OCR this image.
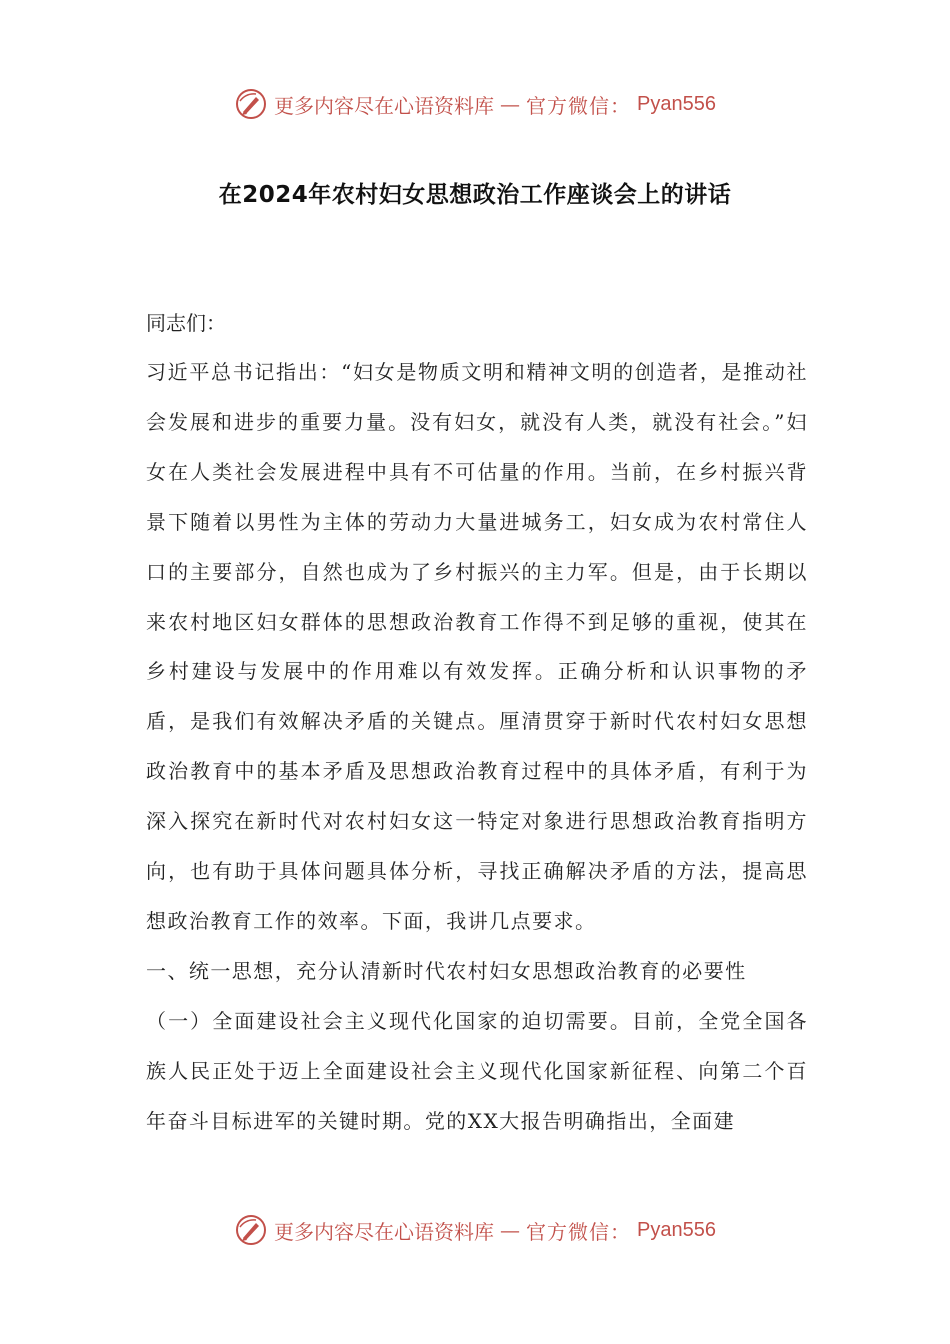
更多内容尽在心语资料库 — 官方微信： Pyan556
在2024年农村妇女思想政治工作座谈会上的讲话

同志们：

习近平总书记指出：“妇女是物质文明和精神文明的创造者，是推动社会发展和进步的重要力量。没有妇女，就没有人类，就没有社会。”妇女在人类社会发展进程中具有不可估量的作用。当前，在乡村振兴背景下随着以男性为主体的劳动力大量进城务工，妇女成为农村常住人口的主要部分，自然也成为了乡村振兴的主力军。但是，由于长期以来农村地区妇女群体的思想政治教育工作得不到足够的重视，使其在乡村建设与发展中的作用难以有效发挥。正确分析和认识事物的矛盾，是我们有效解决矛盾的关键点。厘清贯穿于新时代农村妇女思想政治教育中的基本矛盾及思想政治教育过程中的具体矛盾，有利于为深入探究在新时代对农村妇女这一特定对象进行思想政治教育指明方向，也有助于具体问题具体分析，寻找正确解决矛盾的方法，提高思想政治教育工作的效率。下面，我讲几点要求。

一、统一思想，充分认清新时代农村妇女思想政治教育的必要性

（一）全面建设社会主义现代化国家的迫切需要。目前，全党全国各族人民正处于迈上全面建设社会主义现代化国家新征程、向第二个百年奋斗目标进军的关键时期。党的XX大报告明确指出，全面建

更多内容尽在心语资料库 — 官方微信： Pyan556
